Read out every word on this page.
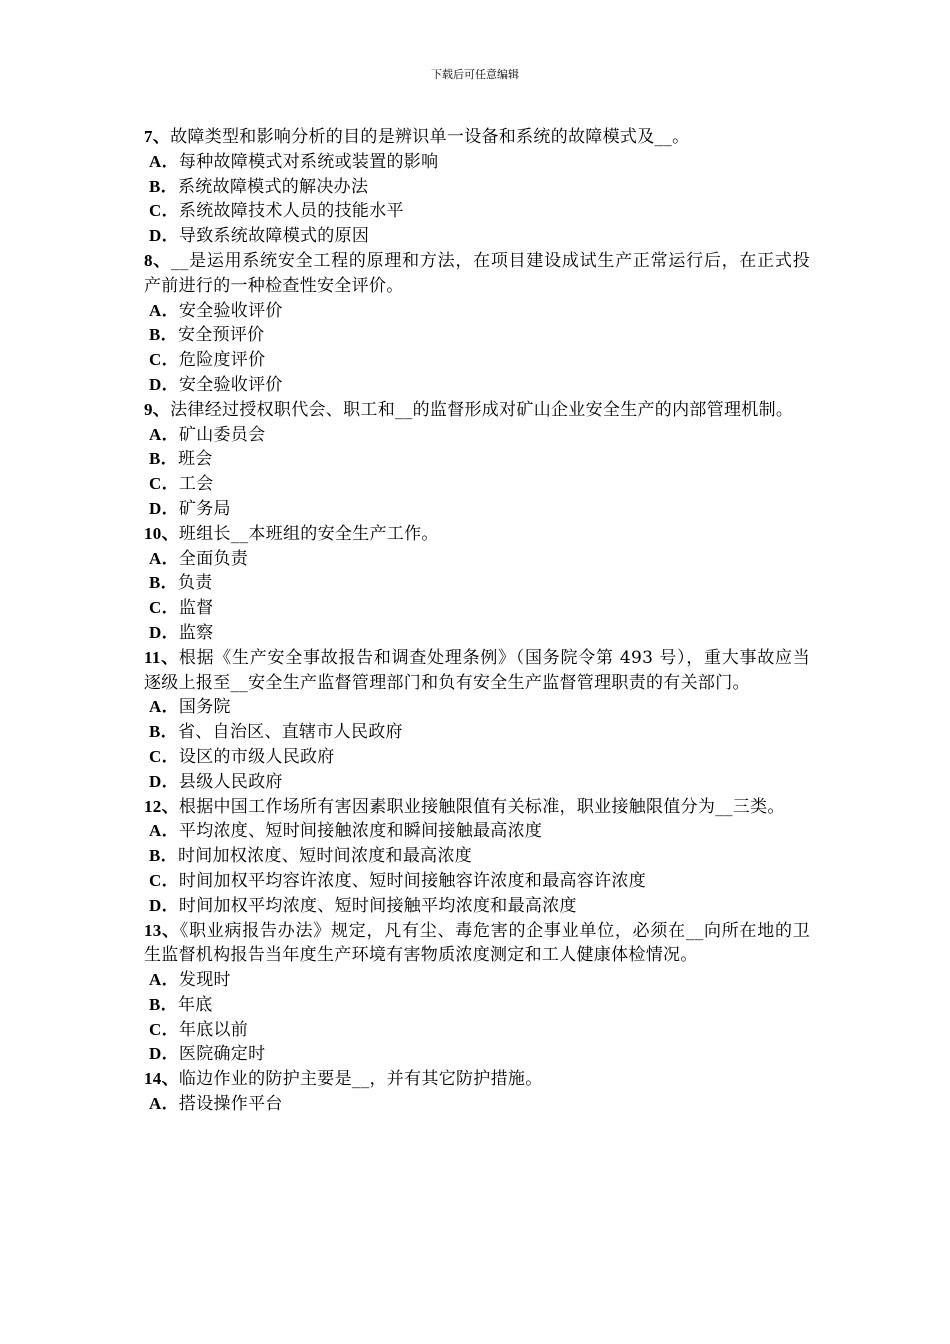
下载后可任意编辑

7、故障类型和影响分析的目的是辨识单一设备和系统的故障模式及__。

A．每种故障模式对系统或装置的影响

B．系统故障模式的解决办法

C．系统故障技术人员的技能水平

D．导致系统故障模式的原因

8、__是运用系统安全工程的原理和方法，在项目建设成试生产正常运行后，在正式投产前进行的一种检查性安全评价。

A．安全验收评价

B．安全预评价

C．危险度评价

D．安全验收评价

9、法律经过授权职代会、职工和__的监督形成对矿山企业安全生产的内部管理机制。

A．矿山委员会

B．班会

C．工会

D．矿务局

10、班组长__本班组的安全生产工作。

A．全面负责

B．负责

C．监督

D．监察

11、根据《生产安全事故报告和调查处理条例》（国务院令第 493 号），重大事故应当逐级上报至__安全生产监督管理部门和负有安全生产监督管理职责的有关部门。

A．国务院

B．省、自治区、直辖市人民政府

C．设区的市级人民政府

D．县级人民政府

12、根据中国工作场所有害因素职业接触限值有关标准，职业接触限值分为__三类。

A．平均浓度、短时间接触浓度和瞬间接触最高浓度

B．时间加权浓度、短时间浓度和最高浓度

C．时间加权平均容许浓度、短时间接触容许浓度和最高容许浓度

D．时间加权平均浓度、短时间接触平均浓度和最高浓度

13、《职业病报告办法》规定，凡有尘、毒危害的企事业单位，必须在__向所在地的卫生监督机构报告当年度生产环境有害物质浓度测定和工人健康体检情况。

A．发现时

B．年底

C．年底以前

D．医院确定时

14、临边作业的防护主要是__，并有其它防护措施。

A．搭设操作平台
